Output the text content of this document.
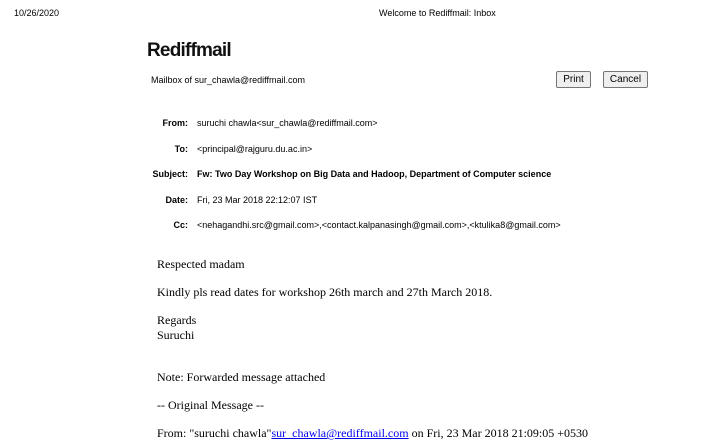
10/26/2020	Welcome to Rediffmail: Inbox
Rediffmail
Mailbox of sur_chawla@rediffmail.com	Print	Cancel
From: suruchi chawla<sur_chawla@rediffmail.com>
To: <principal@rajguru.du.ac.in>
Subject: Fw: Two Day Workshop on Big Data and Hadoop, Department of Computer science
Date: Fri, 23 Mar 2018 22:12:07 IST
Cc: <nehagandhi.src@gmail.com>,<contact.kalpanasingh@gmail.com>,<ktulika8@gmail.com>
Respected madam
Kindly pls read dates for workshop 26th march and 27th March 2018.
Regards
Suruchi
Note: Forwarded message attached
-- Original Message --
From: "suruchi chawla"sur_chawla@rediffmail.com on Fri, 23 Mar 2018 21:09:05 +0530
